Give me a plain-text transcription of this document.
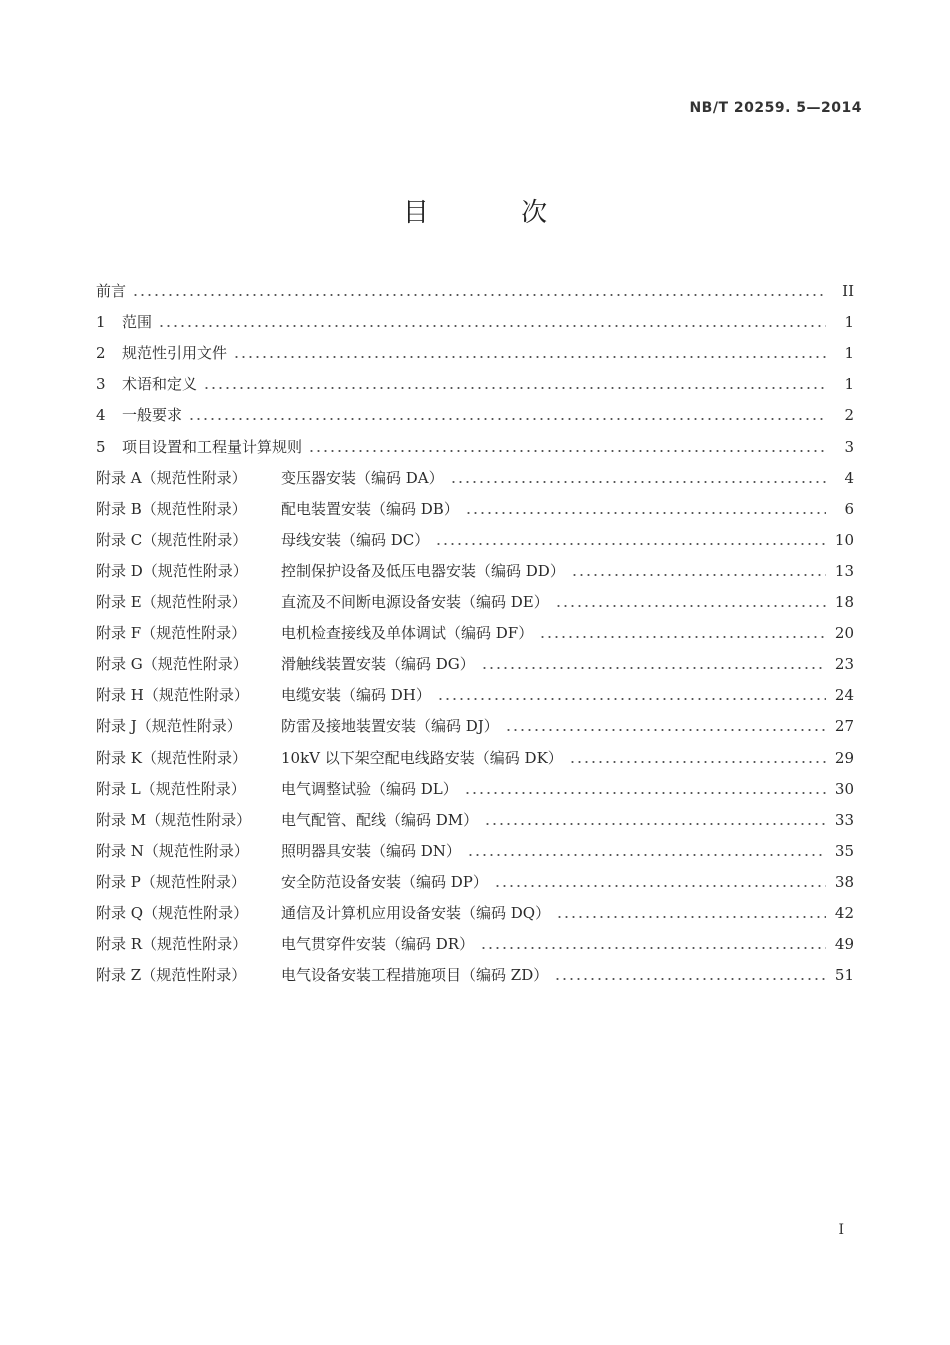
NB/T 20259. 5—2014
目 次
前言	II
1	范围	1
2	规范性引用文件	1
3	术语和定义	1
4	一般要求	2
5	项目设置和工程量计算规则	3
附录 A（规范性附录）	变压器安装（编码 DA）	4
附录 B（规范性附录）	配电装置安装（编码 DB）	6
附录 C（规范性附录）	母线安装（编码 DC）	10
附录 D（规范性附录）	控制保护设备及低压电器安装（编码 DD）	13
附录 E（规范性附录）	直流及不间断电源设备安装（编码 DE）	18
附录 F（规范性附录）	电机检查接线及单体调试（编码 DF）	20
附录 G（规范性附录）	滑触线装置安装（编码 DG）	23
附录 H（规范性附录）	电缆安装（编码 DH）	24
附录 J（规范性附录）	防雷及接地装置安装（编码 DJ）	27
附录 K（规范性附录）	10kV 以下架空配电线路安装（编码 DK）	29
附录 L（规范性附录）	电气调整试验（编码 DL）	30
附录 M（规范性附录）	电气配管、配线（编码 DM）	33
附录 N（规范性附录）	照明器具安装（编码 DN）	35
附录 P（规范性附录）	安全防范设备安装（编码 DP）	38
附录 Q（规范性附录）	通信及计算机应用设备安装（编码 DQ）	42
附录 R（规范性附录）	电气贯穿件安装（编码 DR）	49
附录 Z（规范性附录）	电气设备安装工程措施项目（编码 ZD）	51
I
